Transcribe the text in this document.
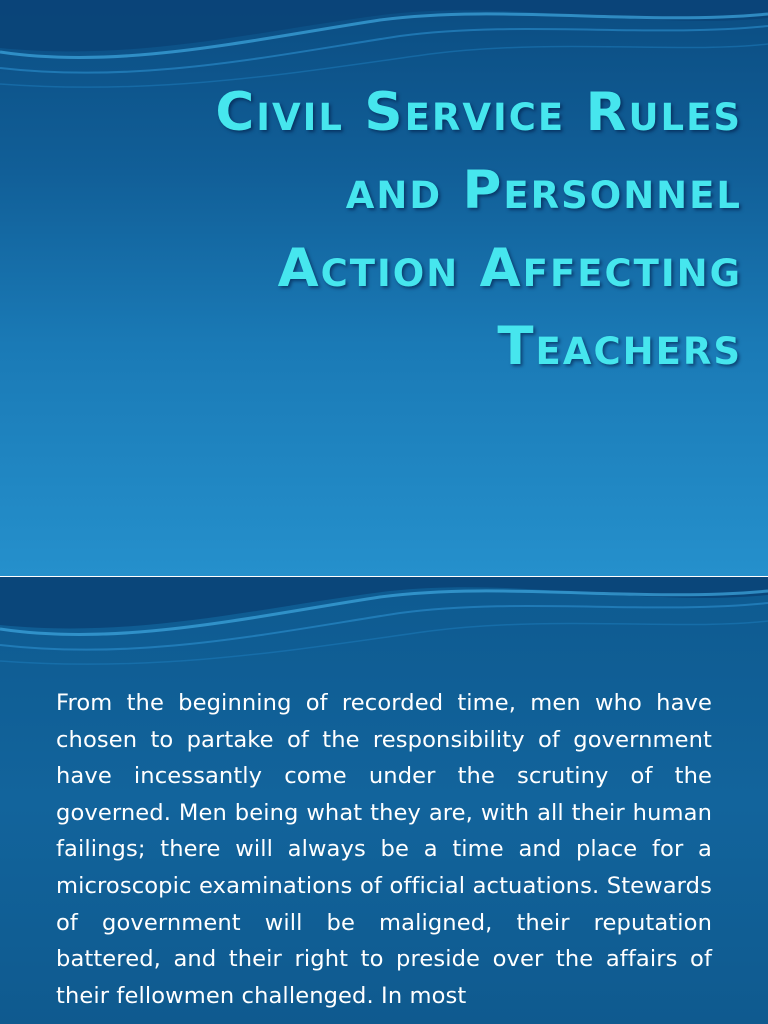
Civil Service Rules
and Personnel
Action Affecting
Teachers

From the beginning of recorded time, men who have chosen to partake of the responsibility of government have incessantly come under the scrutiny of the governed. Men being what they are, with all their human failings; there will always be a time and place for a microscopic examinations of official actuations. Stewards of government will be maligned, their reputation battered, and their right to preside over the affairs of their fellowmen challenged. In most
